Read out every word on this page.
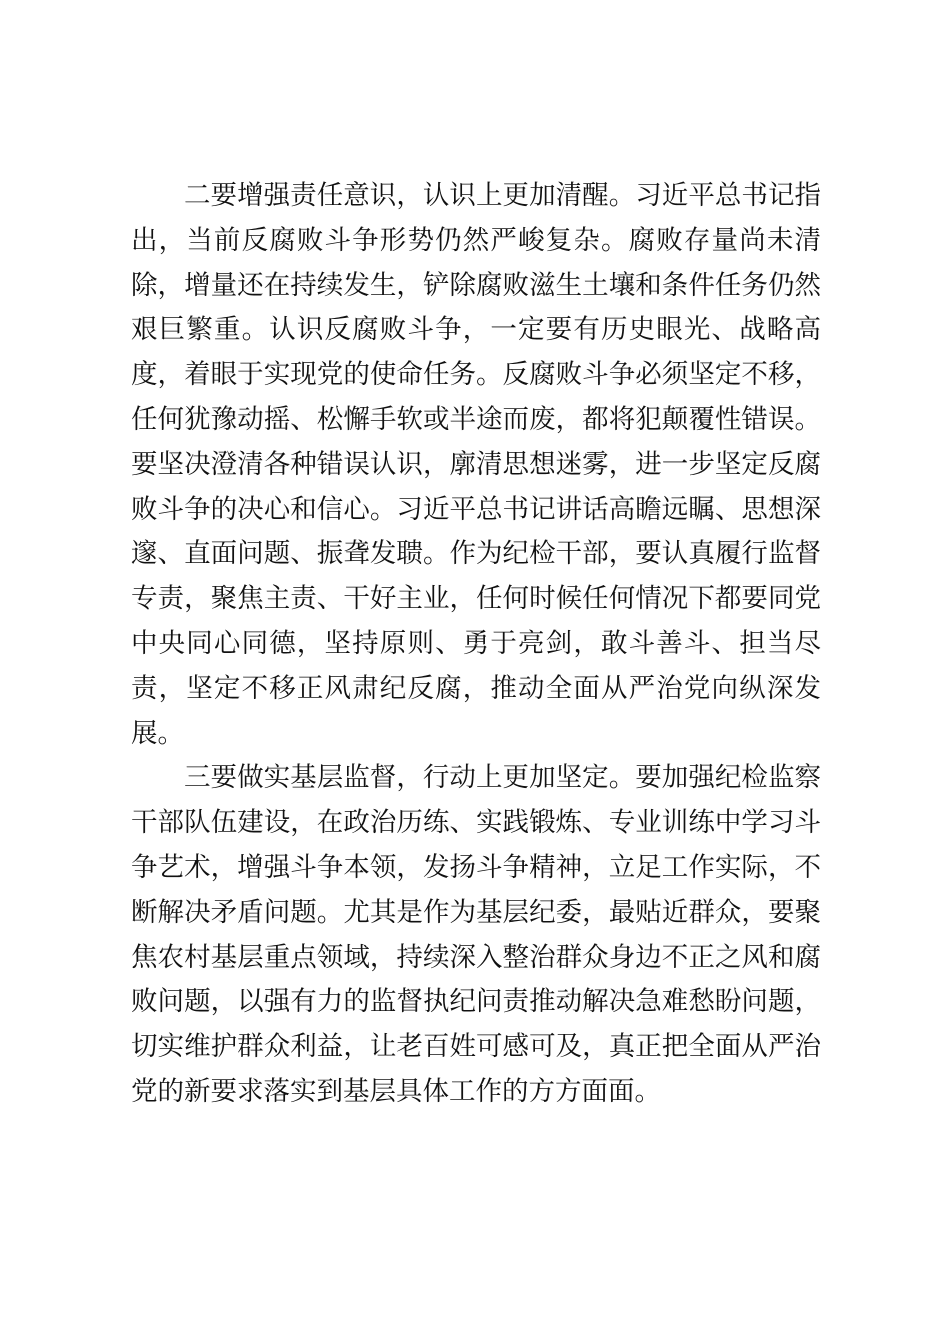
二要增强责任意识，认识上更加清醒。习近平总书记指出，当前反腐败斗争形势仍然严峻复杂。腐败存量尚未清除，增量还在持续发生，铲除腐败滋生土壤和条件任务仍然艰巨繁重。认识反腐败斗争，一定要有历史眼光、战略高度，着眼于实现党的使命任务。反腐败斗争必须坚定不移，任何犹豫动摇、松懈手软或半途而废，都将犯颠覆性错误。要坚决澄清各种错误认识，廓清思想迷雾，进一步坚定反腐败斗争的决心和信心。习近平总书记讲话高瞻远瞩、思想深邃、直面问题、振聋发聩。作为纪检干部，要认真履行监督专责，聚焦主责、干好主业，任何时候任何情况下都要同党中央同心同德，坚持原则、勇于亮剑，敢斗善斗、担当尽责，坚定不移正风肃纪反腐，推动全面从严治党向纵深发展。

三要做实基层监督，行动上更加坚定。要加强纪检监察干部队伍建设，在政治历练、实践锻炼、专业训练中学习斗争艺术，增强斗争本领，发扬斗争精神，立足工作实际，不断解决矛盾问题。尤其是作为基层纪委，最贴近群众，要聚焦农村基层重点领域，持续深入整治群众身边不正之风和腐败问题，以强有力的监督执纪问责推动解决急难愁盼问题，切实维护群众利益，让老百姓可感可及，真正把全面从严治党的新要求落实到基层具体工作的方方面面。
